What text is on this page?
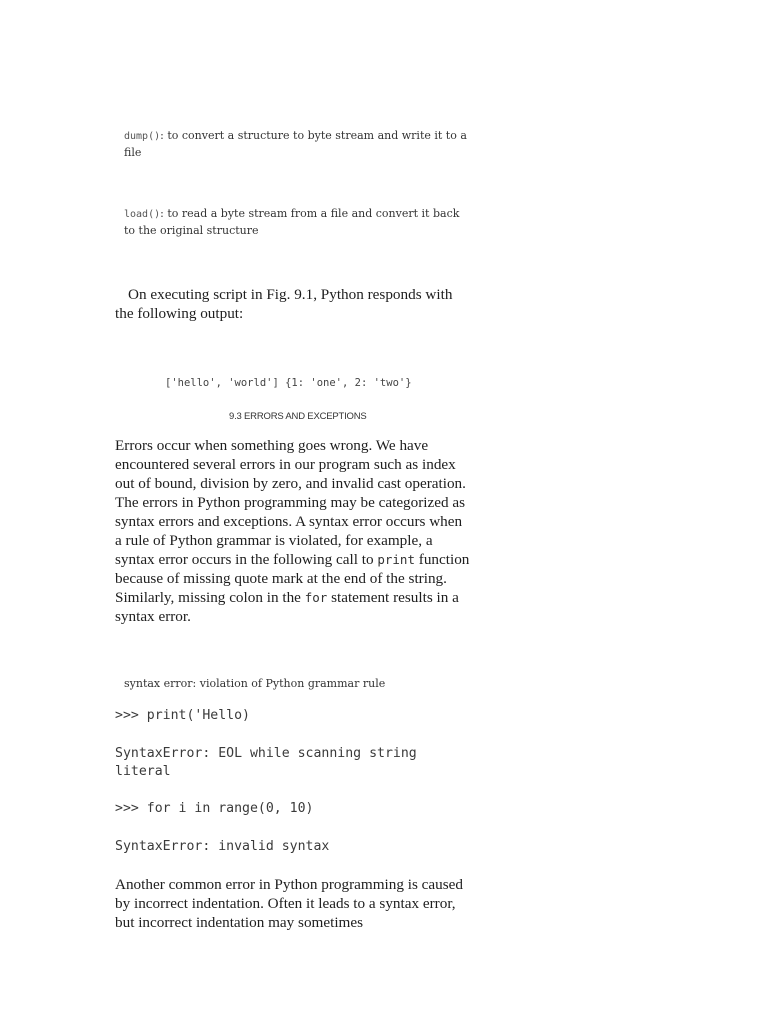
dump(): to convert a structure to byte stream and write it to a file
load(): to read a byte stream from a file and convert it back to the original structure
On executing script in Fig. 9.1, Python responds with the following output:
['hello', 'world'] {1: 'one', 2: 'two'}
9.3 ERRORS AND EXCEPTIONS
Errors occur when something goes wrong. We have encountered several errors in our program such as index out of bound, division by zero, and invalid cast operation. The errors in Python programming may be categorized as syntax errors and exceptions. A syntax error occurs when a rule of Python grammar is violated, for example, a syntax error occurs in the following call to print function because of missing quote mark at the end of the string. Similarly, missing colon in the for statement results in a syntax error.
syntax error: violation of Python grammar rule
>>> print('Hello)
SyntaxError: EOL while scanning string literal
>>> for i in range(0, 10)
SyntaxError: invalid syntax
Another common error in Python programming is caused by incorrect indentation. Often it leads to a syntax error, but incorrect indentation may sometimes
